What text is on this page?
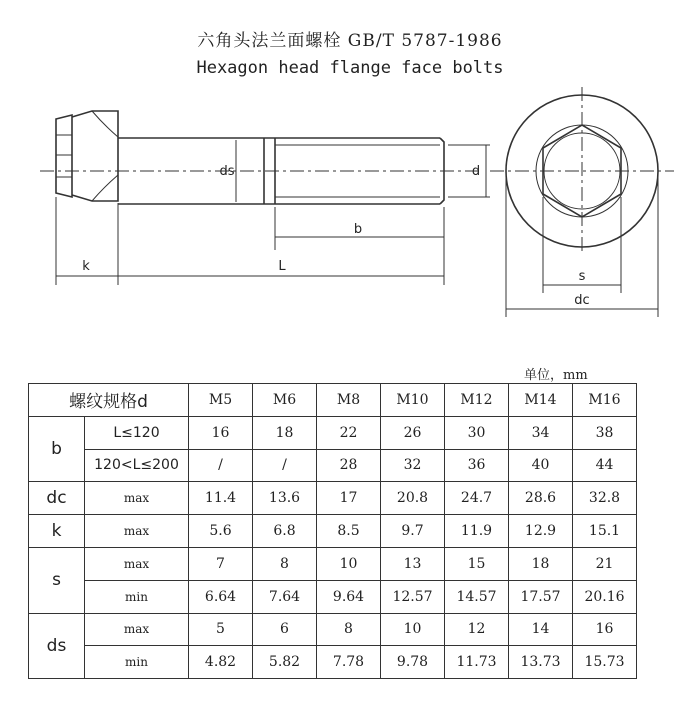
六角头法兰面螺栓 GB/T 5787-1986
Hexagon head flange face bolts
ds	d
b
k	L
s
dc
单位，mm
螺纹规格d		M5	M6	M8	M10	M12	M14	M16
b	L≤120	16	18	22	26	30	34	38
	120<L≤200	/	/	28	32	36	40	44
dc	max	11.4	13.6	17	20.8	24.7	28.6	32.8
k	max	5.6	6.8	8.5	9.7	11.9	12.9	15.1
s	max	7	8	10	13	15	18	21
	min	6.64	7.64	9.64	12.57	14.57	17.57	20.16
ds	max	5	6	8	10	12	14	16
	min	4.82	5.82	7.78	9.78	11.73	13.73	15.73
